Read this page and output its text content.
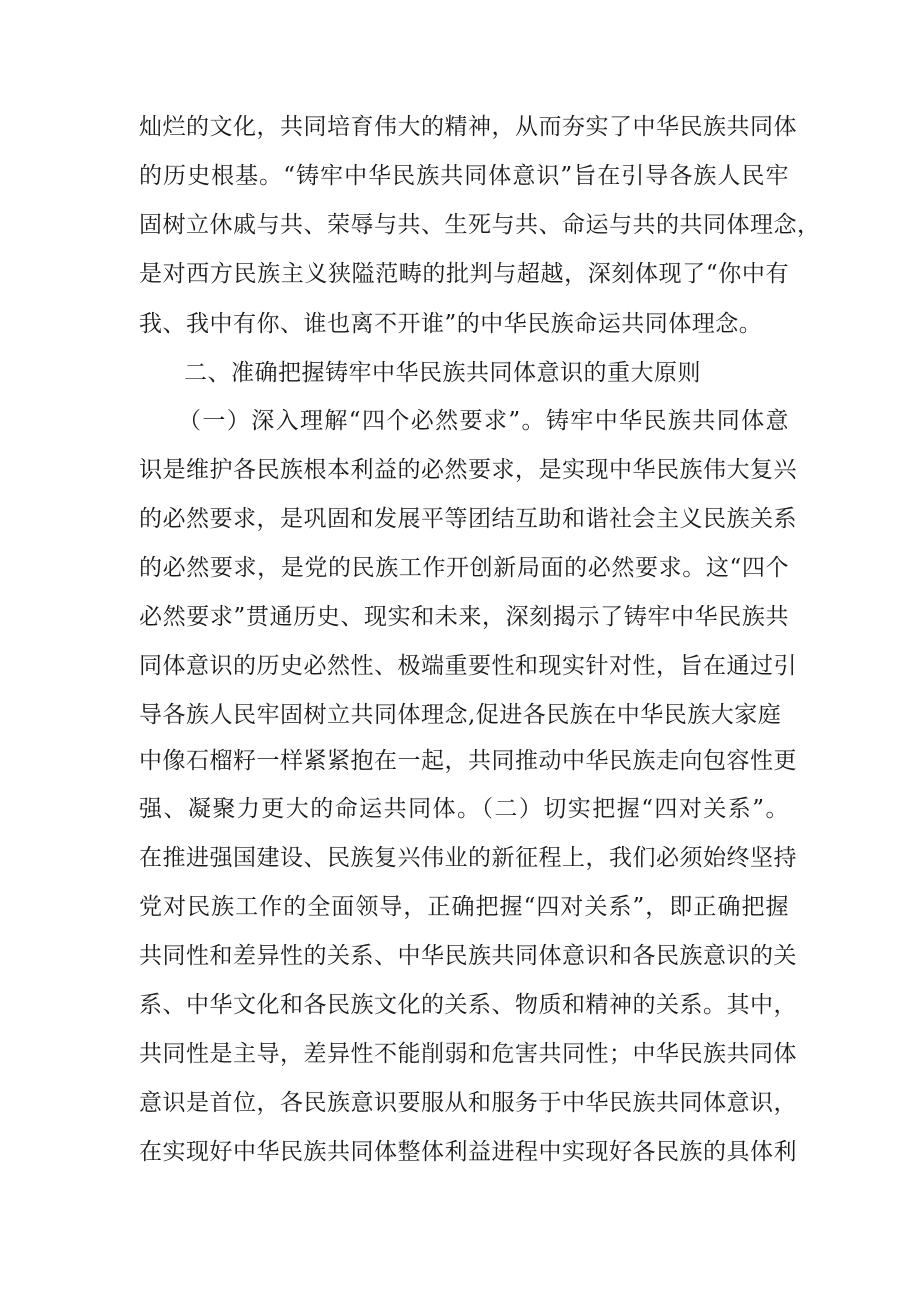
灿烂的文化，共同培育伟大的精神，从而夯实了中华民族共同体
的历史根基。“铸牢中华民族共同体意识”旨在引导各族人民牢
固树立休戚与共、荣辱与共、生死与共、命运与共的共同体理念，
是对西方民族主义狭隘范畴的批判与超越，深刻体现了“你中有
我、我中有你、谁也离不开谁”的中华民族命运共同体理念。
二、准确把握铸牢中华民族共同体意识的重大原则
（一）深入理解“四个必然要求”。铸牢中华民族共同体意
识是维护各民族根本利益的必然要求，是实现中华民族伟大复兴
的必然要求，是巩固和发展平等团结互助和谐社会主义民族关系
的必然要求，是党的民族工作开创新局面的必然要求。这“四个
必然要求”贯通历史、现实和未来，深刻揭示了铸牢中华民族共
同体意识的历史必然性、极端重要性和现实针对性，旨在通过引
导各族人民牢固树立共同体理念,促进各民族在中华民族大家庭
中像石榴籽一样紧紧抱在一起，共同推动中华民族走向包容性更
强、凝聚力更大的命运共同体。（二）切实把握“四对关系”。
在推进强国建设、民族复兴伟业的新征程上，我们必须始终坚持
党对民族工作的全面领导，正确把握“四对关系”，即正确把握
共同性和差异性的关系、中华民族共同体意识和各民族意识的关
系、中华文化和各民族文化的关系、物质和精神的关系。其中，
共同性是主导，差异性不能削弱和危害共同性；中华民族共同体
意识是首位，各民族意识要服从和服务于中华民族共同体意识，
在实现好中华民族共同体整体利益进程中实现好各民族的具体利
